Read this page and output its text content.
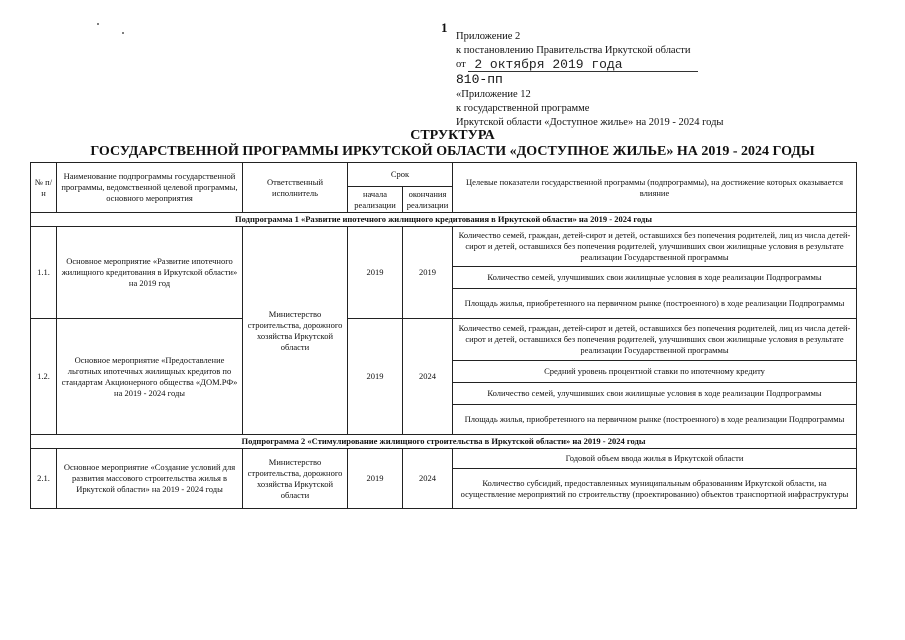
1
Приложение 2
к постановлению Правительства Иркутской области
от 2 октября 2019 года
810-пп
«Приложение 12
к государственной программе
Иркутской области «Доступное жилье» на 2019 - 2024 годы
СТРУКТУРА
ГОСУДАРСТВЕННОЙ ПРОГРАММЫ ИРКУТСКОЙ ОБЛАСТИ «ДОСТУПНОЕ ЖИЛЬЕ» НА 2019 - 2024 ГОДЫ
№ п/н	Наименование подпрограммы государственной программы, ведомственной целевой программы, основного мероприятия	Ответственный исполнитель	Срок		Целевые показатели государственной программы (подпрограммы), на достижение которых оказывается влияние
			начала реализации	окончания реализации	
Подпрограмма 1 «Развитие ипотечного жилищного кредитования в Иркутской области» на 2019 - 2024 годы					
1.1.	Основное мероприятие «Развитие ипотечного жилищного кредитования в Иркутской области» на 2019 год	Министерство строительства, дорожного хозяйства Иркутской области	2019	2019	Количество семей, граждан, детей-сирот и детей, оставшихся без попечения родителей, лиц из числа детей-сирот и детей, оставшихся без попечения родителей, улучшивших свои жилищные условия в результате реализации Государственной программы
					Количество семей, улучшивших свои жилищные условия в ходе реализации Подпрограммы
					Площадь жилья, приобретенного на первичном рынке (построенного) в ходе реализации Подпрограммы
1.2.	Основное мероприятие «Предоставление льготных ипотечных жилищных кредитов по стандартам Акционерного общества «ДОМ.РФ» на 2019 - 2024 годы		2019	2024	Количество семей, граждан, детей-сирот и детей, оставшихся без попечения родителей, лиц из числа детей-сирот и детей, оставшихся без попечения родителей, улучшивших свои жилищные условия в результате реализации Государственной программы
					Средний уровень процентной ставки по ипотечному кредиту
					Количество семей, улучшивших свои жилищные условия в ходе реализации Подпрограммы
					Площадь жилья, приобретенного на первичном рынке (построенного) в ходе реализации Подпрограммы
Подпрограмма 2 «Стимулирование жилищного строительства в Иркутской области» на 2019 - 2024 годы					
2.1.	Основное мероприятие «Создание условий для развития массового строительства жилья в Иркутской области» на 2019 - 2024 годы	Министерство строительства, дорожного хозяйства Иркутской области	2019	2024	Годовой объем ввода жилья в Иркутской области
					Количество субсидий, предоставленных муниципальным образованиям Иркутской области, на осуществление мероприятий по строительству (проектированию) объектов транспортной инфраструктуры
